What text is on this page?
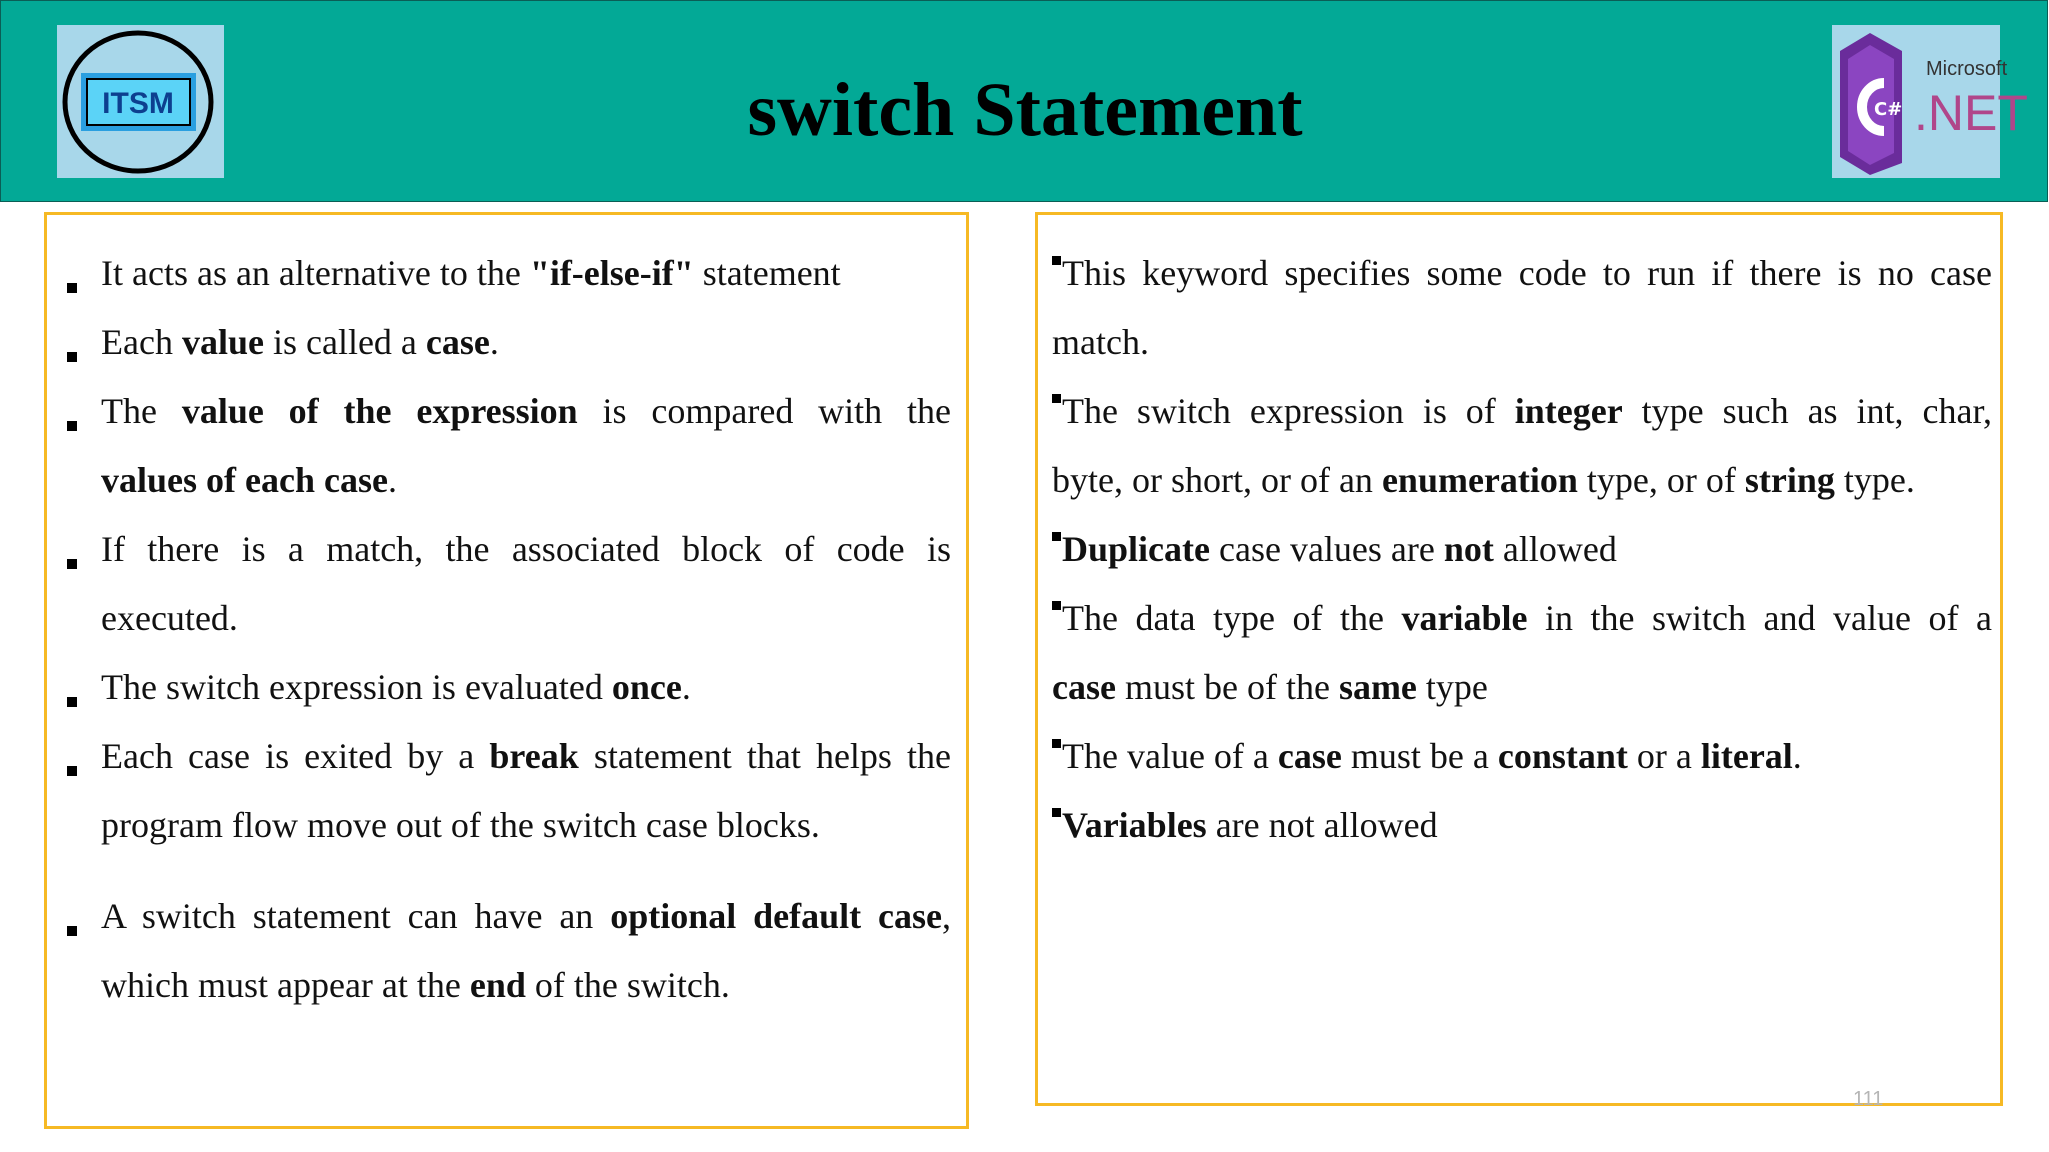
ITSM	switch Statement	C#
Microsoft
.NET
It acts as an alternative to the "if-else-if" statement
Each value is called a case.
The value of the expression is compared with the
values of each case.
If there is a match, the associated block of code is
executed.
The switch expression is evaluated once.
Each case is exited by a break statement that helps the
program flow move out of the switch case blocks.
A switch statement can have an optional default case,
which must appear at the end of the switch.
This keyword specifies some code to run if there is no case
match.
The switch expression is of integer type such as int, char,
byte, or short, or of an enumeration type, or of string type.
Duplicate case values are not allowed
The data type of the variable in the switch and value of a
case must be of the same type
The value of a case must be a constant or a literal.
Variables are not allowed
111
